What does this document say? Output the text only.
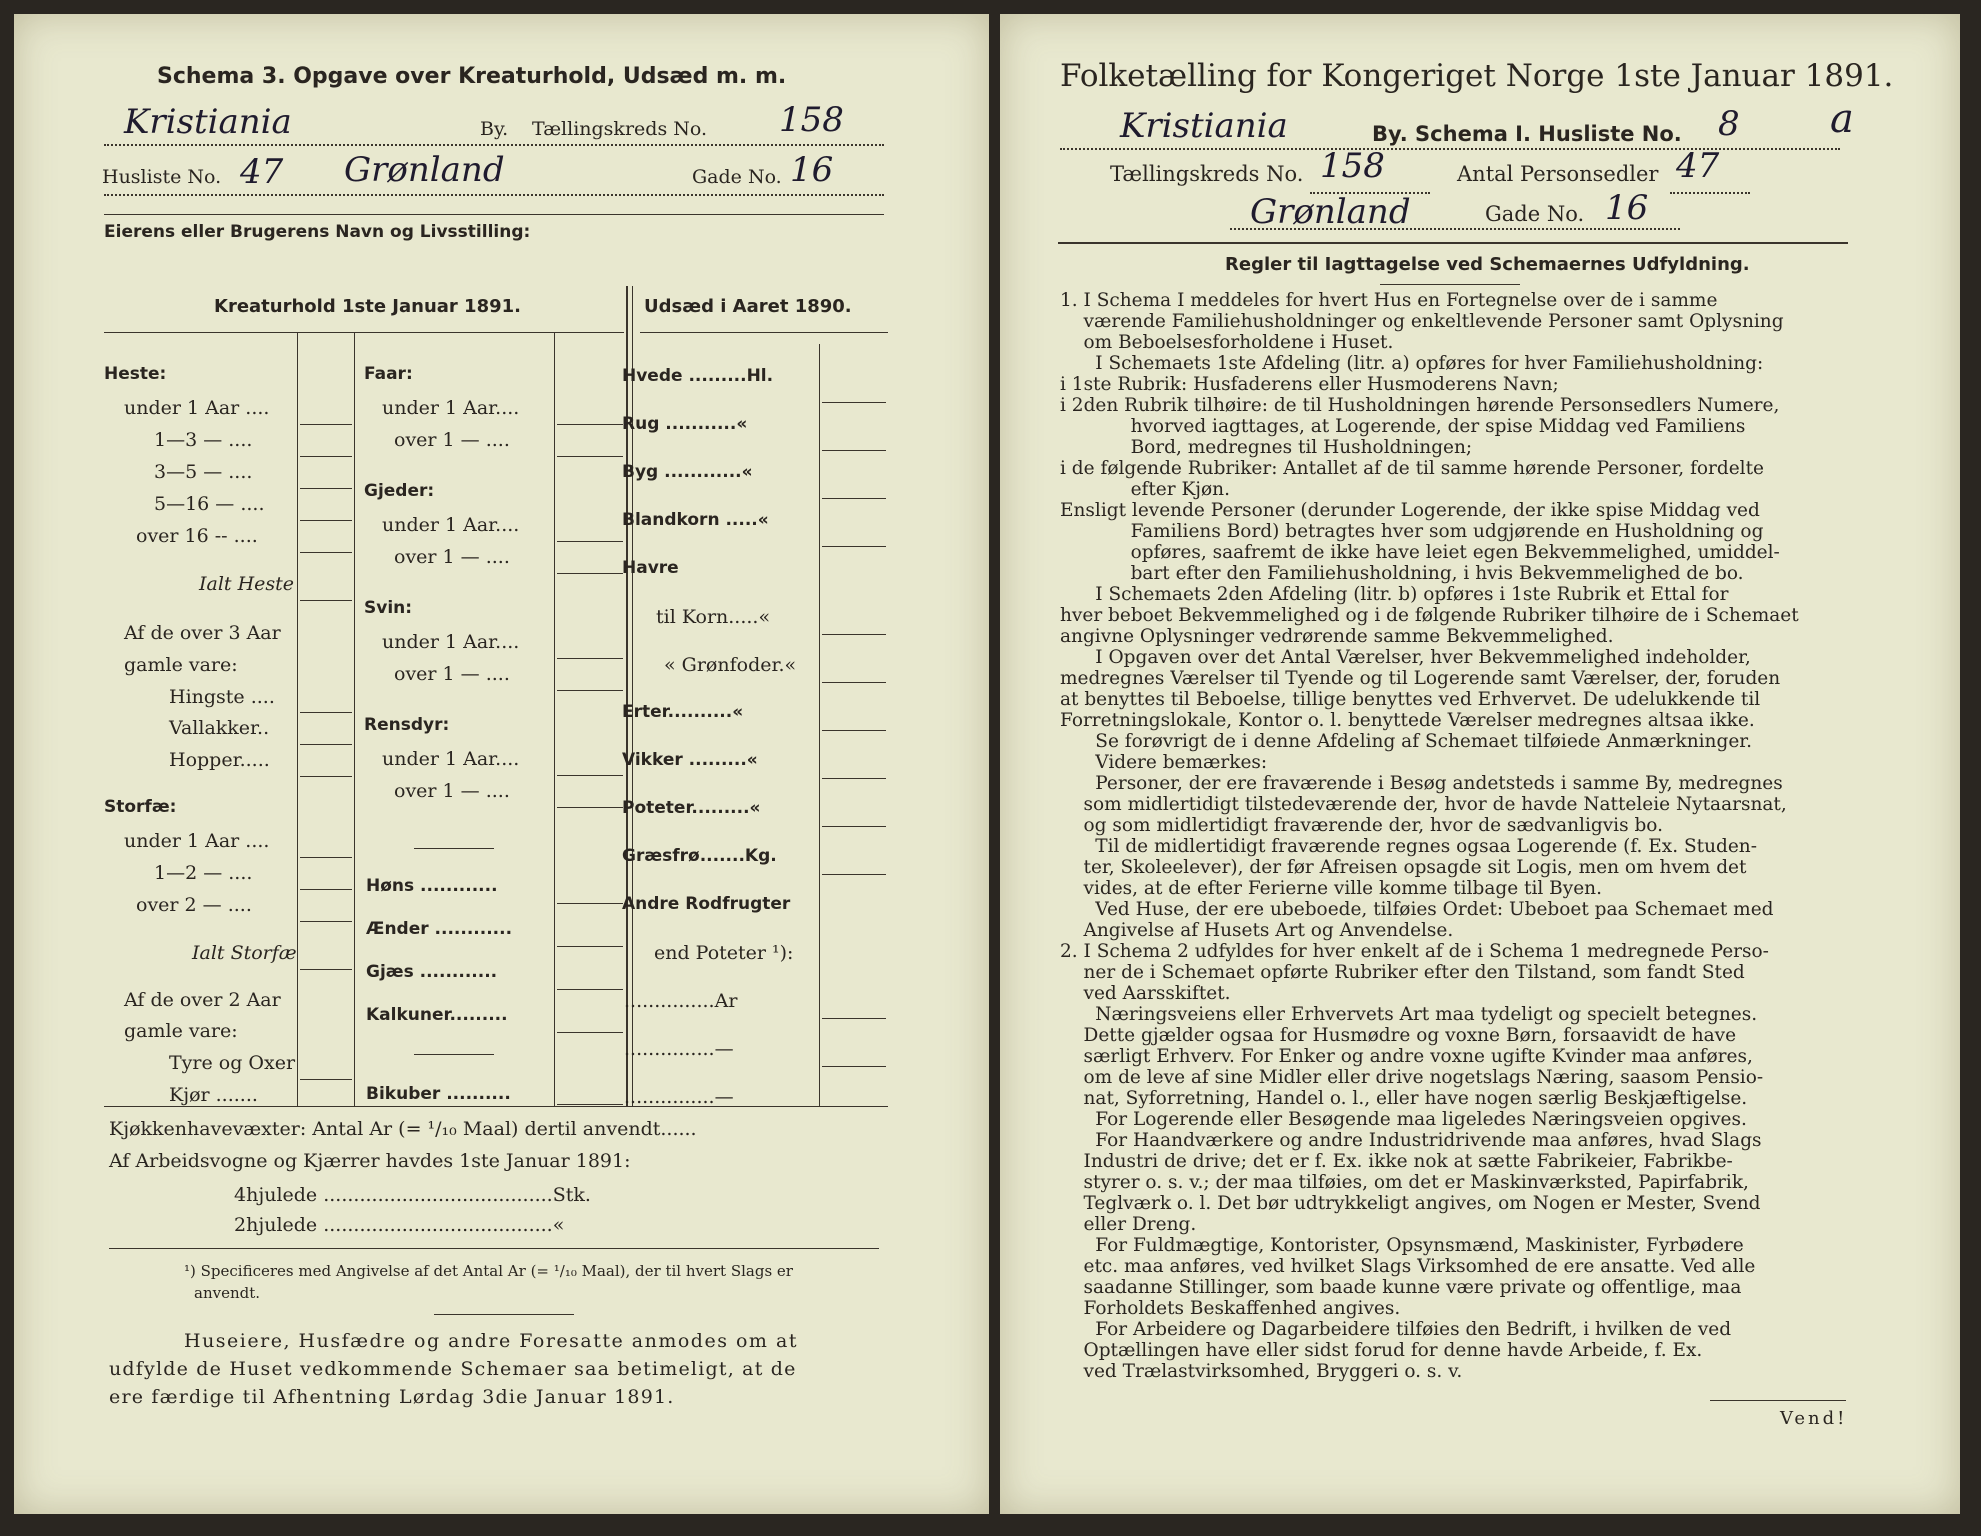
Schema 3. Opgave over Kreaturhold, Udsæd m. m.
Kristiania	By. Tællingskreds No. 158
Husliste No. 47 Grønland	Gade No. 16
Eierens eller Brugerens Navn og Livsstilling:
Kreaturhold 1ste Januar 1891.	Udsæd i Aaret 1890.
Heste:
under 1 Aar ....
1—3 — ....
3—5 — ....
5—16 — ....
over 16 -- ....
Ialt Heste
Af de over 3 Aar
gamle vare:
Hingste ....
Vallakker..
Hopper.....
Storfæ:
under 1 Aar ....
1—2 — ....
over 2 — ....
Ialt Storfæ
Af de over 2 Aar
gamle vare:
Tyre og Oxer
Kjør .......
Faar:
under 1 Aar....
over 1 — ....
Gjeder:
under 1 Aar....
over 1 — ....
Svin:
under 1 Aar....
over 1 — ....
Rensdyr:
under 1 Aar....
over 1 — ....
Høns ............
Ænder ............
Gjæs ............
Kalkuner.........
Bikuber ..........
Hvede .........Hl.
Rug ...........«
Byg ............«
Blandkorn .....«
Havre
til Korn.....«
« Grønfoder.«
Erter..........«
Vikker .........«
Poteter.........«
Græsfrø.......Kg.
Andre Rodfrugter
end Poteter ¹):
...............Ar
...............—
...............—
Kjøkkenhavevæxter: Antal Ar (= ¹/₁₀ Maal) dertil anvendt......
Af Arbeidsvogne og Kjærrer havdes 1ste Januar 1891:
4hjulede ......................................Stk.
2hjulede ......................................«
¹) Specificeres med Angivelse af det Antal Ar (= ¹/₁₀ Maal), der til hvert Slags er
anvendt.
Huseiere, Husfædre og andre Foresatte anmodes om at
udfylde de Huset vedkommende Schemaer saa betimeligt, at de
ere færdige til Afhentning Lørdag 3die Januar 1891.
Folketælling for Kongeriget Norge 1ste Januar 1891.
Kristiania	By. Schema I. Husliste No. 8 a
Tællingskreds No. 158	Antal Personsedler 47
Grønland	Gade No. 16
Regler til Iagttagelse ved Schemaernes Udfyldning.
1. I Schema I meddeles for hvert Hus en Fortegnelse over de i samme
værende Familiehusholdninger og enkeltlevende Personer samt Oplysning
om Beboelsesforholdene i Huset.
I Schemaets 1ste Afdeling (litr. a) opføres for hver Familiehusholdning:
i 1ste Rubrik: Husfaderens eller Husmoderens Navn;
i 2den Rubrik tilhøire: de til Husholdningen hørende Personsedlers Numere,
hvorved iagttages, at Logerende, der spise Middag ved Familiens
Bord, medregnes til Husholdningen;
i de følgende Rubriker: Antallet af de til samme hørende Personer, fordelte
efter Kjøn.
Ensligt levende Personer (derunder Logerende, der ikke spise Middag ved
Familiens Bord) betragtes hver som udgjørende en Husholdning og
opføres, saafremt de ikke have leiet egen Bekvemmelighed, umiddel-
bart efter den Familiehusholdning, i hvis Bekvemmelighed de bo.
I Schemaets 2den Afdeling (litr. b) opføres i 1ste Rubrik et Ettal for
hver beboet Bekvemmelighed og i de følgende Rubriker tilhøire de i Schemaet
angivne Oplysninger vedrørende samme Bekvemmelighed.
I Opgaven over det Antal Værelser, hver Bekvemmelighed indeholder,
medregnes Værelser til Tyende og til Logerende samt Værelser, der, foruden
at benyttes til Beboelse, tillige benyttes ved Erhvervet. De udelukkende til
Forretningslokale, Kontor o. l. benyttede Værelser medregnes altsaa ikke.
Se forøvrigt de i denne Afdeling af Schemaet tilføiede Anmærkninger.
Videre bemærkes:
Personer, der ere fraværende i Besøg andetsteds i samme By, medregnes
som midlertidigt tilstedeværende der, hvor de havde Natteleie Nytaarsnat,
og som midlertidigt fraværende der, hvor de sædvanligvis bo.
Til de midlertidigt fraværende regnes ogsaa Logerende (f. Ex. Studen-
ter, Skoleelever), der før Afreisen opsagde sit Logis, men om hvem det
vides, at de efter Ferierne ville komme tilbage til Byen.
Ved Huse, der ere ubeboede, tilføies Ordet: Ubeboet paa Schemaet med
Angivelse af Husets Art og Anvendelse.
2. I Schema 2 udfyldes for hver enkelt af de i Schema 1 medregnede Perso-
ner de i Schemaet opførte Rubriker efter den Tilstand, som fandt Sted
ved Aarsskiftet.
Næringsveiens eller Erhvervets Art maa tydeligt og specielt betegnes.
Dette gjælder ogsaa for Husmødre og voxne Børn, forsaavidt de have
særligt Erhverv. For Enker og andre voxne ugifte Kvinder maa anføres,
om de leve af sine Midler eller drive nogetslags Næring, saasom Pensio-
nat, Syforretning, Handel o. l., eller have nogen særlig Beskjæftigelse.
For Logerende eller Besøgende maa ligeledes Næringsveien opgives.
For Haandværkere og andre Industridrivende maa anføres, hvad Slags
Industri de drive; det er f. Ex. ikke nok at sætte Fabrikeier, Fabrikbe-
styrer o. s. v.; der maa tilføies, om det er Maskinværksted, Papirfabrik,
Teglværk o. l. Det bør udtrykkeligt angives, om Nogen er Mester, Svend
eller Dreng.
For Fuldmægtige, Kontorister, Opsynsmænd, Maskinister, Fyrbødere
etc. maa anføres, ved hvilket Slags Virksomhed de ere ansatte. Ved alle
saadanne Stillinger, som baade kunne være private og offentlige, maa
Forholdets Beskaffenhed angives.
For Arbeidere og Dagarbeidere tilføies den Bedrift, i hvilken de ved
Optællingen have eller sidst forud for denne havde Arbeide, f. Ex.
ved Trælastvirksomhed, Bryggeri o. s. v.
Vend!
